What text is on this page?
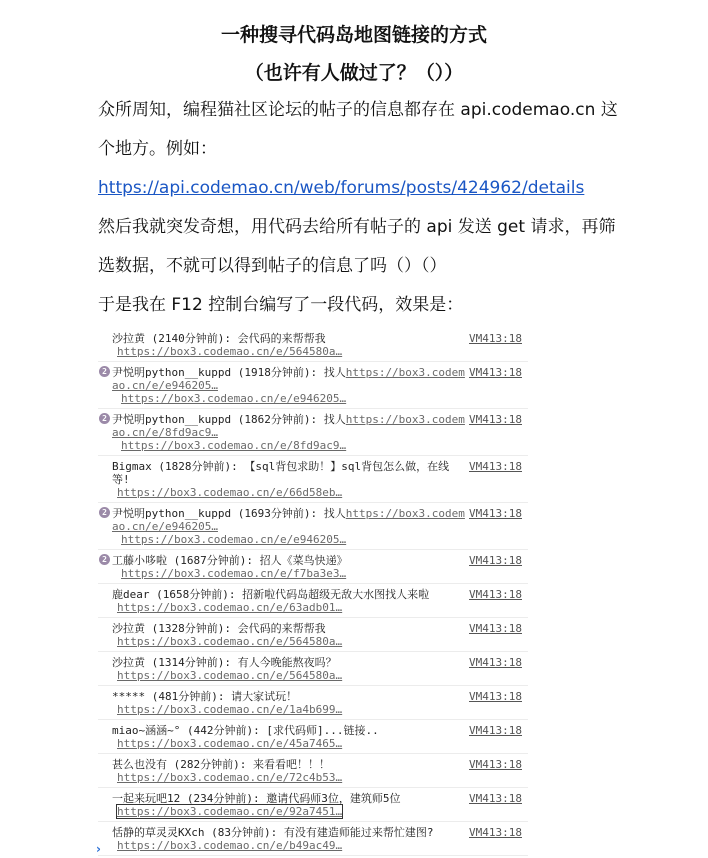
一种搜寻代码岛地图链接的方式
（也许有人做过了？（））
众所周知，编程猫社区论坛的帖子的信息都存在 api.codemao.cn 这个地方。例如：
https://api.codemao.cn/web/forums/posts/424962/details
然后我就突发奇想，用代码去给所有帖子的 api 发送 get 请求，再筛选数据，不就可以得到帖子的信息了吗（）（）
于是我在 F12 控制台编写了一段代码，效果是：
沙拉黄 (2140分钟前): 会代码的来帮帮我	VM413:18
https://box3.codemao.cn/e/564580a…
2 尹悦明python__kuppd (1918分钟前): 找人https://box3.codem VM413:18
ao.cn/e/e946205…
https://box3.codemao.cn/e/e946205…
2 尹悦明python__kuppd (1862分钟前): 找人https://box3.codem VM413:18
ao.cn/e/8fd9ac9…
https://box3.codemao.cn/e/8fd9ac9…
Bigmax (1828分钟前): 【sql背包求助！】sql背包怎么做，在线 VM413:18
等!
https://box3.codemao.cn/e/66d58eb…
2 尹悦明python__kuppd (1693分钟前): 找人https://box3.codem VM413:18
ao.cn/e/e946205…
https://box3.codemao.cn/e/e946205…
2 工藤小哆啦 (1687分钟前): 招人《菜鸟快递》	VM413:18
https://box3.codemao.cn/e/f7ba3e3…
鹿dear (1658分钟前): 招新啦代码岛超级无敌大水图找人来啦	VM413:18
https://box3.codemao.cn/e/63adb01…
沙拉黄 (1328分钟前): 会代码的来帮帮我	VM413:18
https://box3.codemao.cn/e/564580a…
沙拉黄 (1314分钟前): 有人今晚能熬夜吗？	VM413:18
https://box3.codemao.cn/e/564580a…
***** (481分钟前): 请大家试玩！	VM413:18
https://box3.codemao.cn/e/1a4b699…
miao~涵涵~° (442分钟前): [求代码师]...链接..	VM413:18
https://box3.codemao.cn/e/45a7465…
甚么也没有 (282分钟前): 来看看吧！！！	VM413:18
https://box3.codemao.cn/e/72c4b53…
一起来玩吧12 (234分钟前): 邀请代码师3位，建筑师5位	VM413:18
https://box3.codemao.cn/e/92a7451…
恬静的草灵灵KXch (83分钟前): 有没有建造师能过来帮忙建图?	VM413:18
https://box3.codemao.cn/e/b49ac49…
›
